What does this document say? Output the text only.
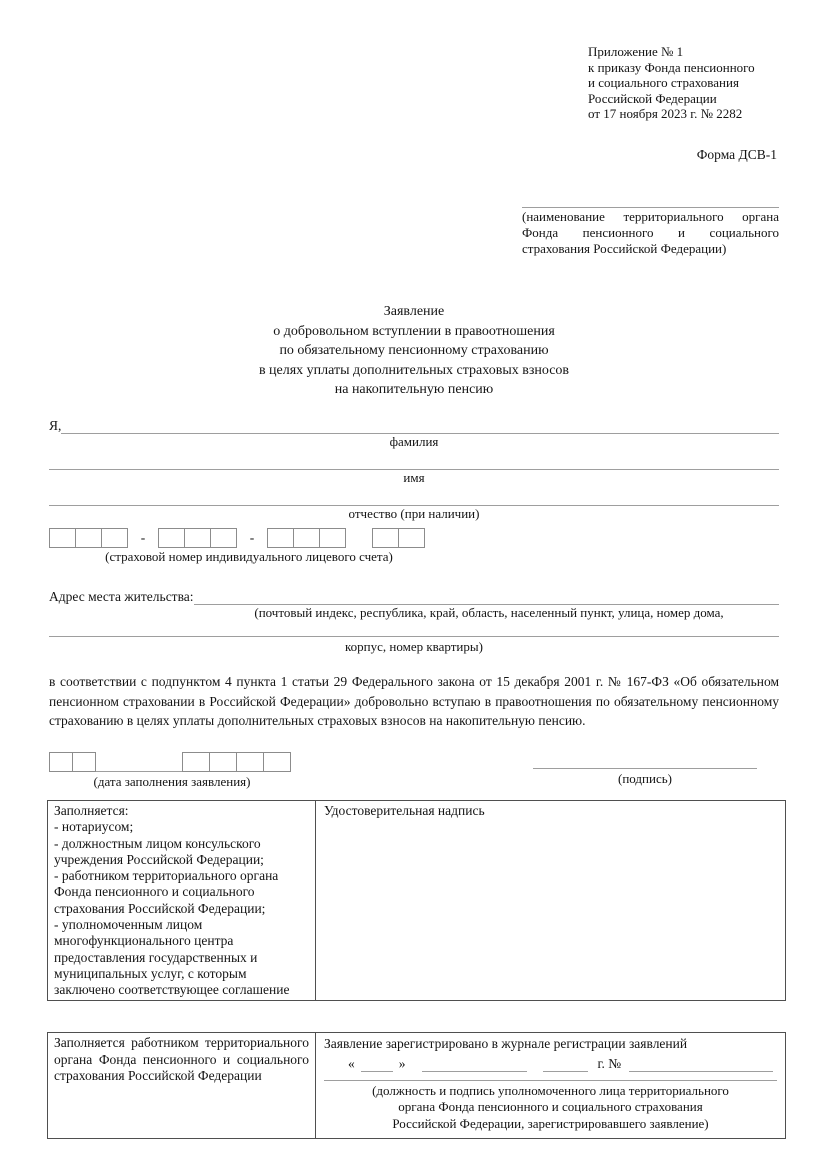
Приложение № 1
к приказу Фонда пенсионного
и социального страхования
Российской Федерации
от 17 ноября 2023 г. № 2282
Форма ДСВ-1
(наименование территориального органа Фонда пенсионного и социального страхования Российской Федерации)
Заявление
о добровольном вступлении в правоотношения
по обязательному пенсионному страхованию
в целях уплаты дополнительных страховых взносов
на накопительную пенсию
Я,
фамилия
имя
отчество (при наличии)
-	-
(страховой номер индивидуального лицевого счета)
Адрес места жительства:
(почтовый индекс, республика, край, область, населенный пункт, улица, номер дома,
корпус, номер квартиры)
в соответствии с подпунктом 4 пункта 1 статьи 29 Федерального закона от 15 декабря 2001 г. № 167-ФЗ «Об обязательном пенсионном страховании в Российской Федерации» добровольно вступаю в правоотношения по обязательному пенсионному страхованию в целях уплаты дополнительных страховых взносов на накопительную пенсию.
(дата заполнения заявления)	(подпись)
Заполняется:
- нотариусом;
- должностным лицом консульского учреждения Российской Федерации;
- работником территориального органа Фонда пенсионного и социального страхования Российской Федерации;
- уполномоченным лицом многофункционального центра предоставления государственных и муниципальных услуг, с которым заключено соответствующее соглашение
Удостоверительная надпись
Заполняется работником территориального органа Фонда пенсионного и социального страхования Российской Федерации
Заявление зарегистрировано в журнале регистрации заявлений
«	»	г. №
(должность и подпись уполномоченного лица территориального
органа Фонда пенсионного и социального страхования
Российской Федерации, зарегистрировавшего заявление)
